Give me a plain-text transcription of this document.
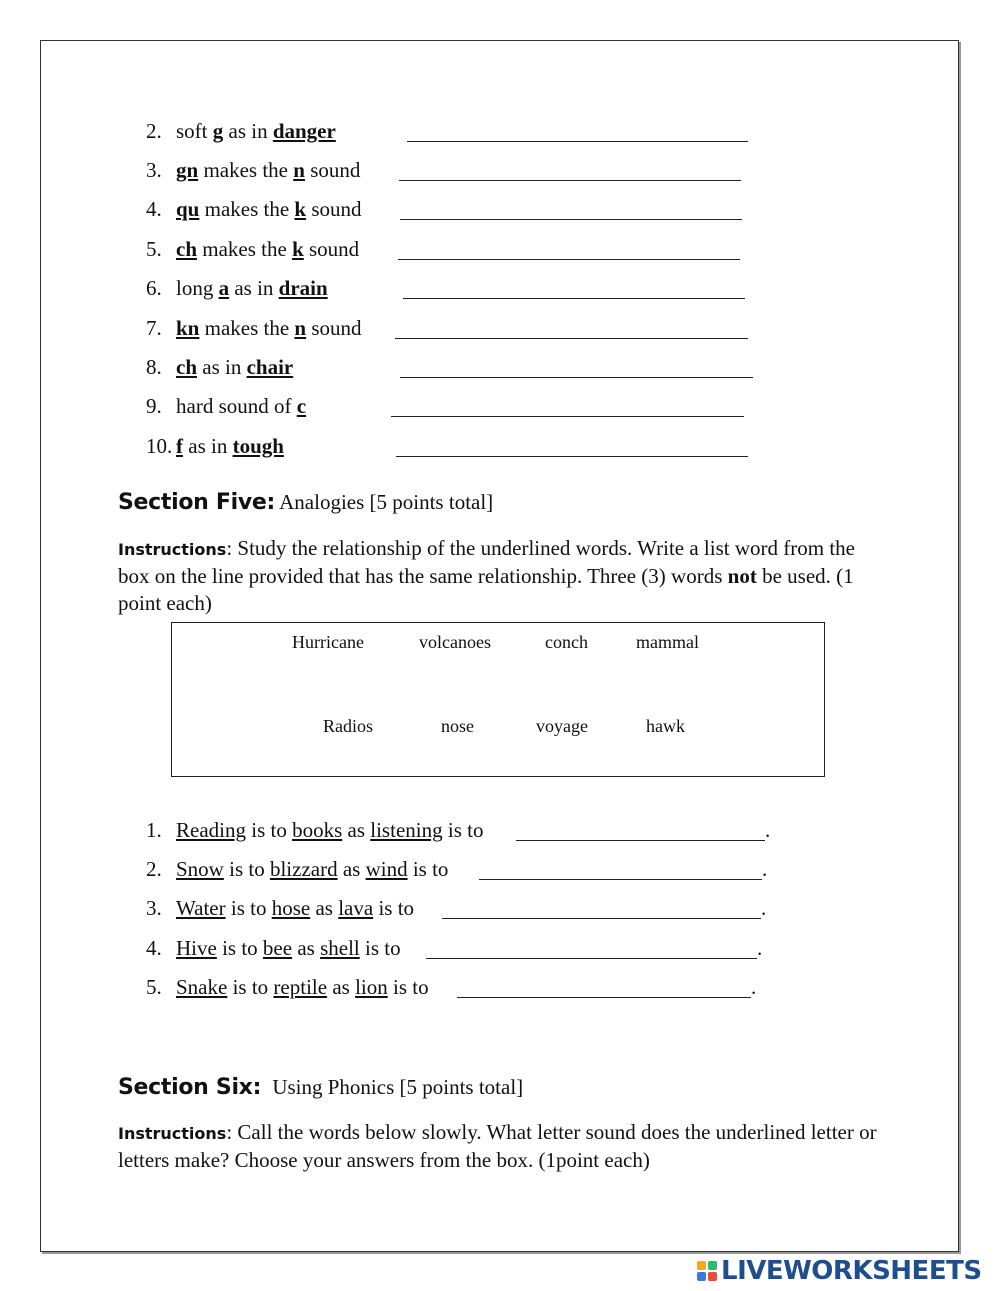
2. soft g as in danger
3. gn makes the n sound
4. qu makes the k sound
5. ch makes the k sound
6. long a as in drain
7. kn makes the n sound
8. ch as in chair
9. hard sound of c
10. f as in tough
Section Five: Analogies [5 points total]
Instructions: Study the relationship of the underlined words. Write a list word from the box on the line provided that has the same relationship. Three (3) words not be used. (1 point each)
Hurricane	volcanoes	conch	mammal
Radios	nose	voyage	hawk
1. Reading is to books as listening is to	.
2. Snow is to blizzard as wind is to	.
3. Water is to hose as lava is to	.
4. Hive is to bee as shell is to	.
5. Snake is to reptile as lion is to	.
Section Six: Using Phonics [5 points total]
Instructions: Call the words below slowly. What letter sound does the underlined letter or letters make? Choose your answers from the box. (1point each)
LIVEWORKSHEETS
